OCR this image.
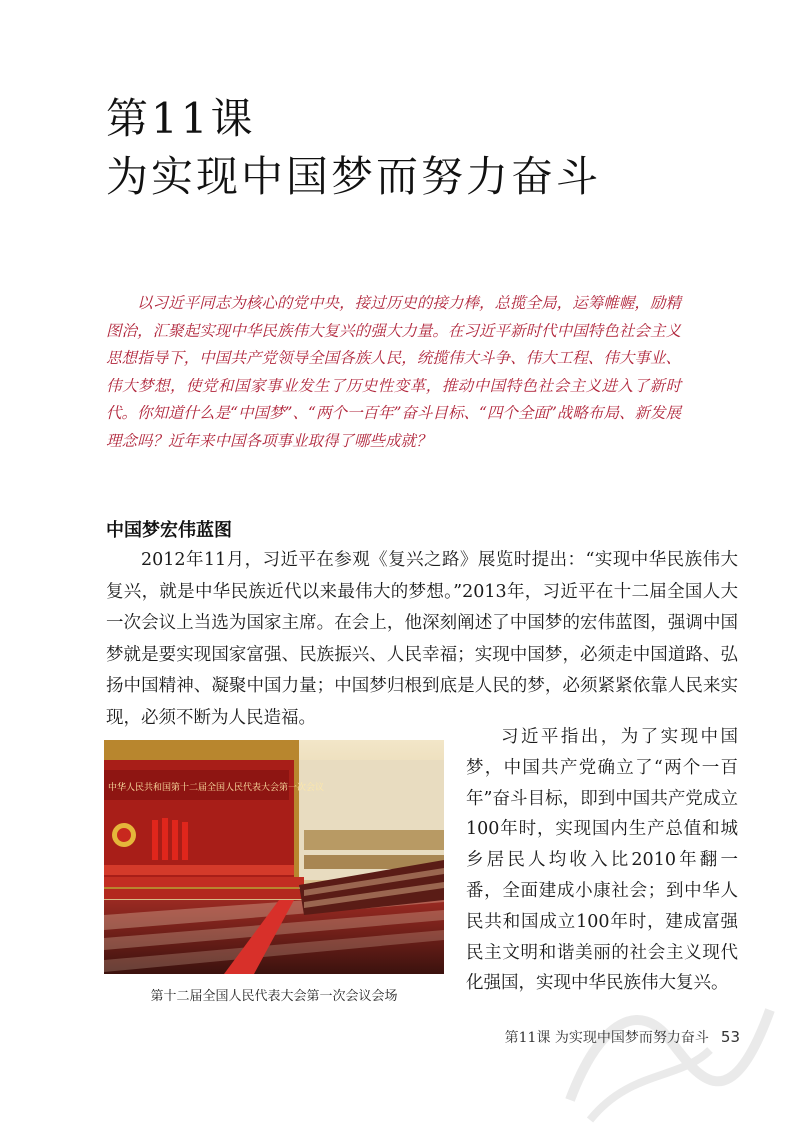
第11课
为实现中国梦而努力奋斗

以习近平同志为核心的党中央，接过历史的接力棒，总揽全局，运筹帷幄，励精图治，汇聚起实现中华民族伟大复兴的强大力量。在习近平新时代中国特色社会主义思想指导下，中国共产党领导全国各族人民，统揽伟大斗争、伟大工程、伟大事业、伟大梦想，使党和国家事业发生了历史性变革，推动中国特色社会主义进入了新时代。你知道什么是“中国梦”、“两个一百年”奋斗目标、“四个全面”战略布局、新发展理念吗？近年来中国各项事业取得了哪些成就？

中国梦宏伟蓝图

2012年11月，习近平在参观《复兴之路》展览时提出：“实现中华民族伟大复兴，就是中华民族近代以来最伟大的梦想。”2013年，习近平在十二届全国人大一次会议上当选为国家主席。在会上，他深刻阐述了中国梦的宏伟蓝图，强调中国梦就是要实现国家富强、民族振兴、人民幸福；实现中国梦，必须走中国道路、弘扬中国精神、凝聚中国力量；中国梦归根到底是人民的梦，必须紧紧依靠人民来实现，必须不断为人民造福。

中华人民共和国第十二届全国人民代表大会第一次会议

第十二届全国人民代表大会第一次会议会场

习近平指出，为了实现中国梦，中国共产党确立了“两个一百年”奋斗目标，即到中国共产党成立100年时，实现国内生产总值和城乡居民人均收入比2010年翻一番，全面建成小康社会；到中华人民共和国成立100年时，建成富强民主文明和谐美丽的社会主义现代化强国，实现中华民族伟大复兴。

第11课 为实现中国梦而努力奋斗 53
